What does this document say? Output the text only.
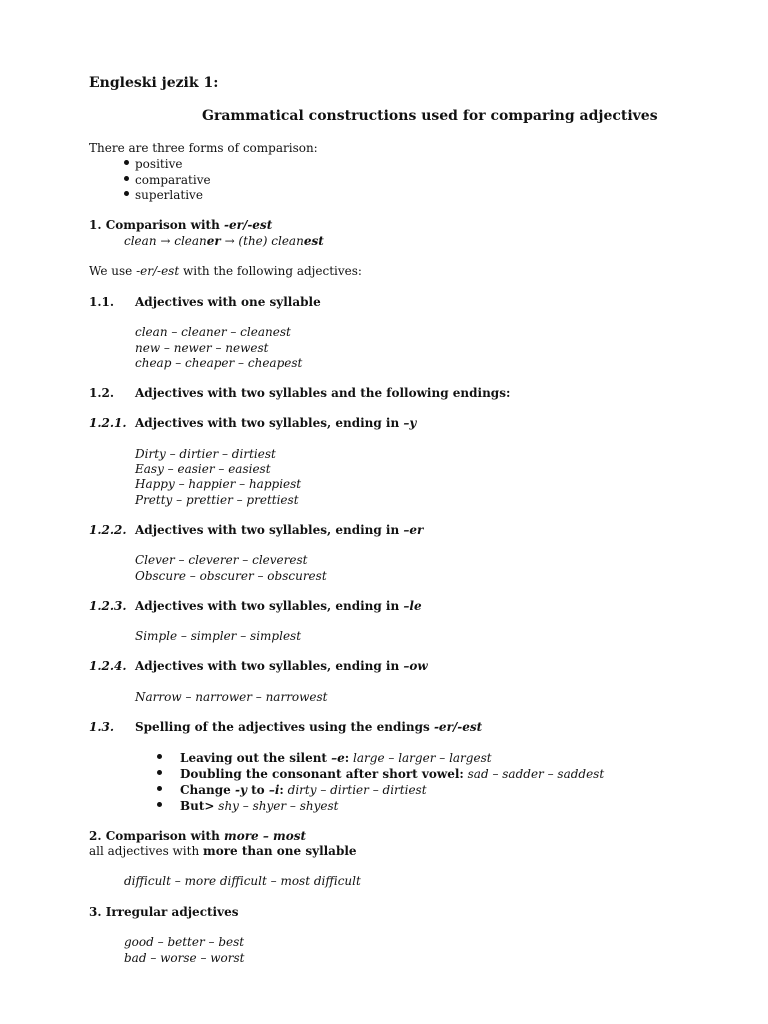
Engleski jezik 1:
Grammatical constructions used for comparing adjectives
There are three forms of comparison:
positive
comparative
superlative
1. Comparison with -er/-est
clean → cleaner → (the) cleanest
We use -er/-est with the following adjectives:
1.1. Adjectives with one syllable
clean – cleaner – cleanest
new – newer – newest
cheap – cheaper – cheapest
1.2. Adjectives with two syllables and the following endings:
1.2.1. Adjectives with two syllables, ending in –y
Dirty – dirtier – dirtiest
Easy – easier – easiest
Happy – happier – happiest
Pretty – prettier – prettiest
1.2.2. Adjectives with two syllables, ending in –er
Clever – cleverer – cleverest
Obscure – obscurer – obscurest
1.2.3. Adjectives with two syllables, ending in –le
Simple – simpler – simplest
1.2.4. Adjectives with two syllables, ending in –ow
Narrow – narrower – narrowest
1.3. Spelling of the adjectives using the endings -er/-est
Leaving out the silent –e: large – larger – largest
Doubling the consonant after short vowel: sad – sadder – saddest
Change -y to –i: dirty – dirtier – dirtiest
But> shy – shyer – shyest
2. Comparison with more – most
all adjectives with more than one syllable
difficult – more difficult – most difficult
3. Irregular adjectives
good – better – best
bad – worse – worst
